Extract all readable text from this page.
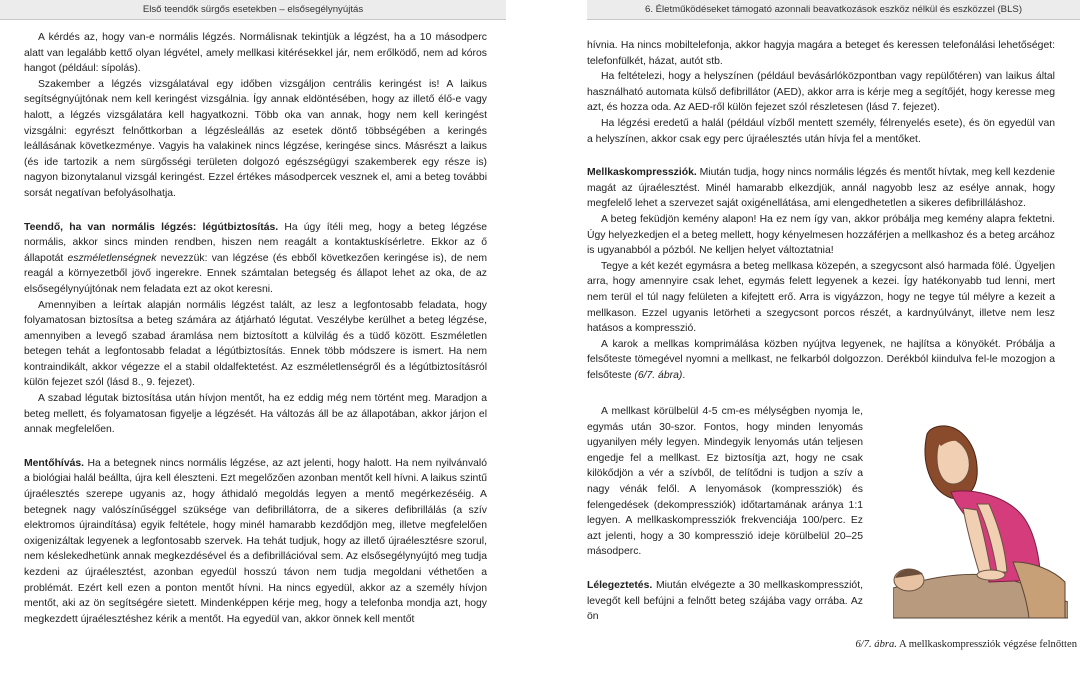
Első teendők sürgős esetekben – elsősegélynyújtás

A kérdés az, hogy van-e normális légzés. Normálisnak tekintjük a légzést, ha a 10 másodperc alatt van legalább kettő olyan légvétel, amely mellkasi kitérésekkel jár, nem erőlködő, nem ad kóros hangot (például: sípolás).

Szakember a légzés vizsgálatával egy időben vizsgáljon centrális keringést is! A laikus segítségnyújtónak nem kell keringést vizsgálnia. Így annak eldöntésében, hogy az illető élő-e vagy halott, a légzés vizsgálatára kell hagyatkozni. Több oka van annak, hogy nem kell keringést vizsgálni: egyrészt felnőttkorban a légzésleállás az esetek döntő többségében a keringés leállásának következménye. Vagyis ha valakinek nincs légzése, keringése sincs. Másrészt a laikus (és ide tartozik a nem sürgősségi területen dolgozó egészségügyi szakemberek egy része is) nagyon bizonytalanul vizsgál keringést. Ezzel értékes másodpercek vesznek el, ami a beteg további sorsát negatívan befolyásolhatja.

Teendő, ha van normális légzés: légútbiztosítás. Ha úgy ítéli meg, hogy a beteg légzése normális, akkor sincs minden rendben, hiszen nem reagált a kontaktuskísérletre. Ekkor az ő állapotát eszméletlenségnek nevezzük: van légzése (és ebből következően keringése is), de nem reagál a környezetből jövő ingerekre. Ennek számtalan betegség és állapot lehet az oka, de az elsősegélynyújtónak nem feladata ezt az okot keresni.

Amennyiben a leírtak alapján normális légzést talált, az lesz a legfontosabb feladata, hogy folyamatosan biztosítsa a beteg számára az átjárható légutat. Veszélybe kerülhet a beteg légzése, amennyiben a levegő szabad áramlása nem biztosított a külvilág és a tüdő között. Eszméletlen betegen tehát a legfontosabb feladat a légútbiztosítás. Ennek több módszere is ismert. Ha nem kontraindikált, akkor végezze el a stabil oldalfektetést. Az eszméletlenségről és a légútbiztosításról külön fejezet szól (lásd 8., 9. fejezet).

A szabad légutak biztosítása után hívjon mentőt, ha ez eddig még nem történt meg. Maradjon a beteg mellett, és folyamatosan figyelje a légzését. Ha változás áll be az állapotában, akkor járjon el annak megfelelően.

Mentőhívás. Ha a betegnek nincs normális légzése, az azt jelenti, hogy halott. Ha nem nyilvánvaló a biológiai halál beállta, újra kell éleszteni. Ezt megelőzően azonban mentőt kell hívni. A laikus szintű újraélesztés szerepe ugyanis az, hogy áthidaló megoldás legyen a mentő megérkezéséig. A betegnek nagy valószínűséggel szüksége van defibrillátorra, de a sikeres defibrillálás (a szív elektromos újraindítása) egyik feltétele, hogy minél hamarabb kezdődjön meg, illetve megfelelően oxigenizáltak legyenek a legfontosabb szervek. Ha tehát tudjuk, hogy az illető újraélesztésre szorul, nem késlekedhetünk annak megkezdésével és a defibrillációval sem. Az elsősegélynyújtó meg tudja kezdeni az újraélesztést, azonban egyedül hosszú távon nem tudja megoldani véthetően a problémát. Ezért kell ezen a ponton mentőt hívni. Ha nincs egyedül, akkor az a személy hívjon mentőt, aki az ön segítségére sietett. Mindenképpen kérje meg, hogy a telefonba mondja azt, hogy megkezdett újraélesztéshez kérik a mentőt. Ha egyedül van, akkor önnek kell mentőt

6. Életműködéseket támogató azonnali beavatkozások eszköz nélkül és eszközzel (BLS)

hívnia. Ha nincs mobiltelefonja, akkor hagyja magára a beteget és keressen telefonálási lehetőséget: telefonfülkét, házat, autót stb.

Ha feltételezi, hogy a helyszínen (például bevásárlóközpontban vagy repülőtéren) van laikus által használható automata külső defibrillátor (AED), akkor arra is kérje meg a segítőjét, hogy keresse meg azt, és hozza oda. Az AED-ről külön fejezet szól részletesen (lásd 7. fejezet).

Ha légzési eredetű a halál (például vízből mentett személy, félrenyelés esete), és ön egyedül van a helyszínen, akkor csak egy perc újraélesztés után hívja fel a mentőket.

Mellkaskompressziók. Miután tudja, hogy nincs normális légzés és mentőt hívtak, meg kell kezdenie magát az újraélesztést. Minél hamarabb elkezdjük, annál nagyobb lesz az esélye annak, hogy megfelelő lehet a szervezet saját oxigénellátása, ami elengedhetetlen a sikeres defibrilláláshoz.

A beteg feküdjön kemény alapon! Ha ez nem így van, akkor próbálja meg kemény alapra fektetni. Úgy helyezkedjen el a beteg mellett, hogy kényelmesen hozzáférjen a mellkashoz és a beteg arcához is ugyanabból a pózból. Ne kelljen helyet változtatnia!

Tegye a két kezét egymásra a beteg mellkasa közepén, a szegycsont alsó harmada fölé. Ügyeljen arra, hogy amennyire csak lehet, egymás felett legyenek a kezei. Így hatékonyabb tud lenni, mert nem terül el túl nagy felületen a kifejtett erő. Arra is vigyázzon, hogy ne tegye túl mélyre a kezeit a mellkason. Ezzel ugyanis letörheti a szegycsont porcos részét, a kardnyúlványt, illetve nem lesz hatásos a kompresszió.

A karok a mellkas komprimálása közben nyújtva legyenek, ne hajlítsa a könyökét. Próbálja a felsőteste tömegével nyomni a mellkast, ne felkarból dolgozzon. Derékból kiindulva fel-le mozogjon a felsőteste (6/7. ábra).

A mellkast körülbelül 4-5 cm-es mélységben nyomja le, egymás után 30-szor. Fontos, hogy minden lenyomás ugyanilyen mély legyen. Mindegyik lenyomás után teljesen engedje fel a mellkast. Ez biztosítja azt, hogy ne csak kilökődjön a vér a szívből, de telítődni is tudjon a szív a nagy vénák felől. A lenyomások (kompressziók) és felengedések (dekompressziók) időtartamának aránya 1:1 legyen. A mellkaskompressziók frekvenciája 100/perc. Ez azt jelenti, hogy a 30 kompresszió ideje körülbelül 20–25 másodperc.

Lélegeztetés. Miután elvégezte a 30 mellkaskompressziót, levegőt kell befújni a felnőtt beteg szájába vagy orrába. Az ön

6/7. ábra. A mellkaskompressziók végzése felnőtten
